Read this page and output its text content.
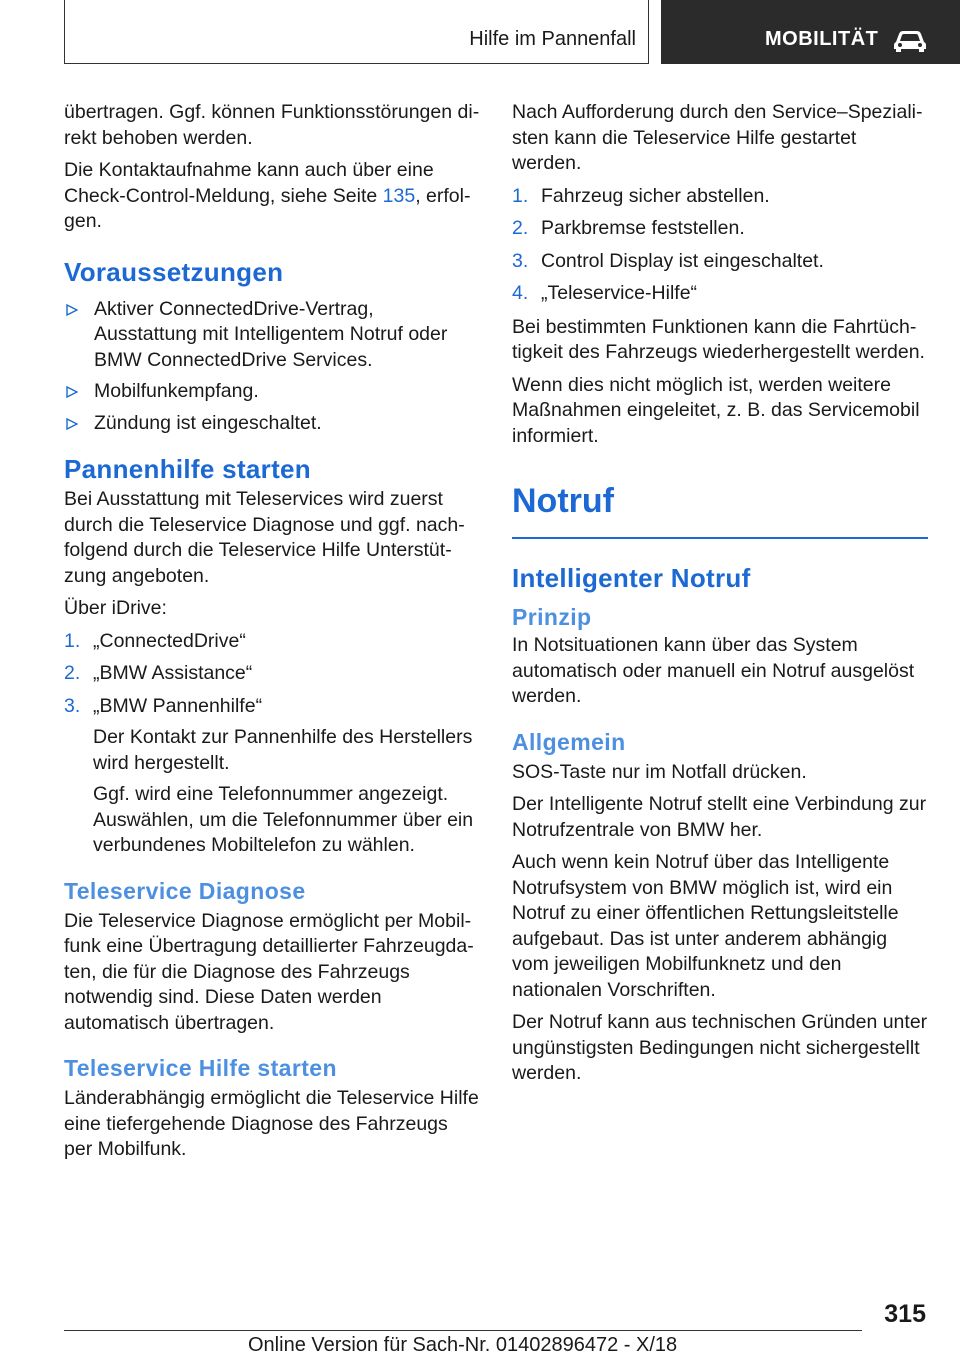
Hilfe im Pannenfall	MOBILITÄT

übertragen. Ggf. können Funktionsstörungen direkt behoben werden.

Die Kontaktaufnahme kann auch über eine Check-Control-Meldung, siehe Seite 135, erfolgen.

Voraussetzungen
Aktiver ConnectedDrive-Vertrag, Ausstattung mit Intelligentem Notruf oder BMW ConnectedDrive Services.
Mobilfunkempfang.
Zündung ist eingeschaltet.
Pannenhilfe starten

Bei Ausstattung mit Teleservices wird zuerst durch die Teleservice Diagnose und ggf. nachfolgend durch die Teleservice Hilfe Unterstützung angeboten.

Über iDrive:

1. „ConnectedDrive“
2. „BMW Assistance“
3. „BMW Pannenhilfe“

Der Kontakt zur Pannenhilfe des Herstellers wird hergestellt.

Ggf. wird eine Telefonnummer angezeigt. Auswählen, um die Telefonnummer über ein verbundenes Mobiltelefon zu wählen.

Teleservice Diagnose

Die Teleservice Diagnose ermöglicht per Mobilfunk eine Übertragung detaillierter Fahrzeugdaten, die für die Diagnose des Fahrzeugs notwendig sind. Diese Daten werden automatisch übertragen.

Teleservice Hilfe starten

Länderabhängig ermöglicht die Teleservice Hilfe eine tiefergehende Diagnose des Fahrzeugs per Mobilfunk.

Nach Aufforderung durch den Service–Spezialisten kann die Teleservice Hilfe gestartet werden.

1. Fahrzeug sicher abstellen.
2. Parkbremse feststellen.
3. Control Display ist eingeschaltet.
4. „Teleservice-Hilfe“

Bei bestimmten Funktionen kann die Fahrtüchtigkeit des Fahrzeugs wiederhergestellt werden.

Wenn dies nicht möglich ist, werden weitere Maßnahmen eingeleitet, z. B. das Servicemobil informiert.

Notruf
Intelligenter Notruf
Prinzip

In Notsituationen kann über das System automatisch oder manuell ein Notruf ausgelöst werden.

Allgemein

SOS-Taste nur im Notfall drücken.

Der Intelligente Notruf stellt eine Verbindung zur Notrufzentrale von BMW her.

Auch wenn kein Notruf über das Intelligente Notrufsystem von BMW möglich ist, wird ein Notruf zu einer öffentlichen Rettungsleitstelle aufgebaut. Das ist unter anderem abhängig vom jeweiligen Mobilfunknetz und den nationalen Vorschriften.

Der Notruf kann aus technischen Gründen unter ungünstigsten Bedingungen nicht sichergestellt werden.

315
Online Version für Sach-Nr. 01402896472 - X/18
